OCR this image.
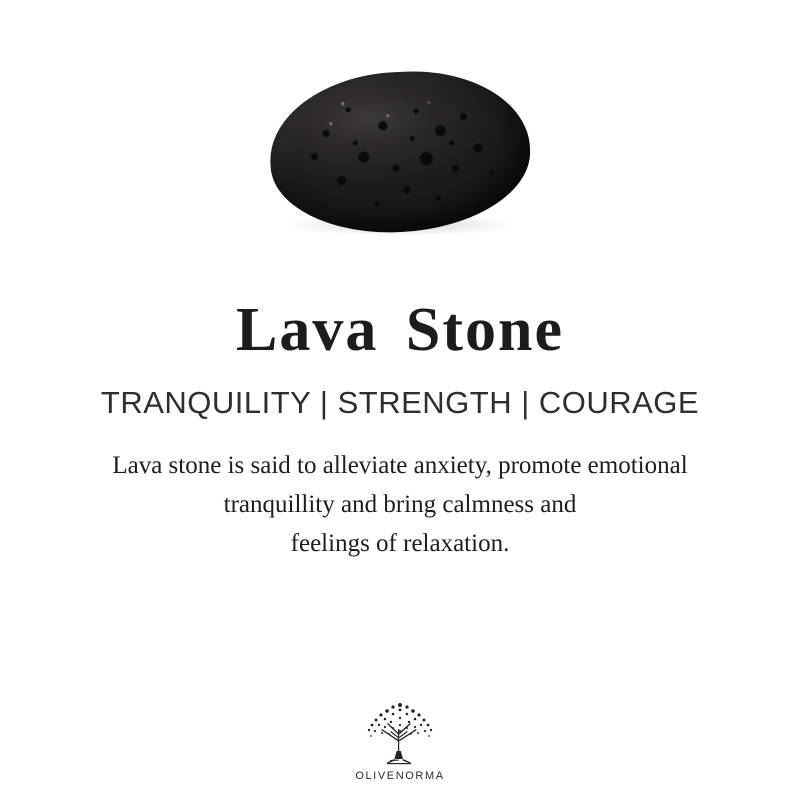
Lava Stone
TRANQUILITY | STRENGTH | COURAGE
Lava stone is said to alleviate anxiety, promote emotional
tranquillity and bring calmness and
feelings of relaxation.
OLIVENORMA
